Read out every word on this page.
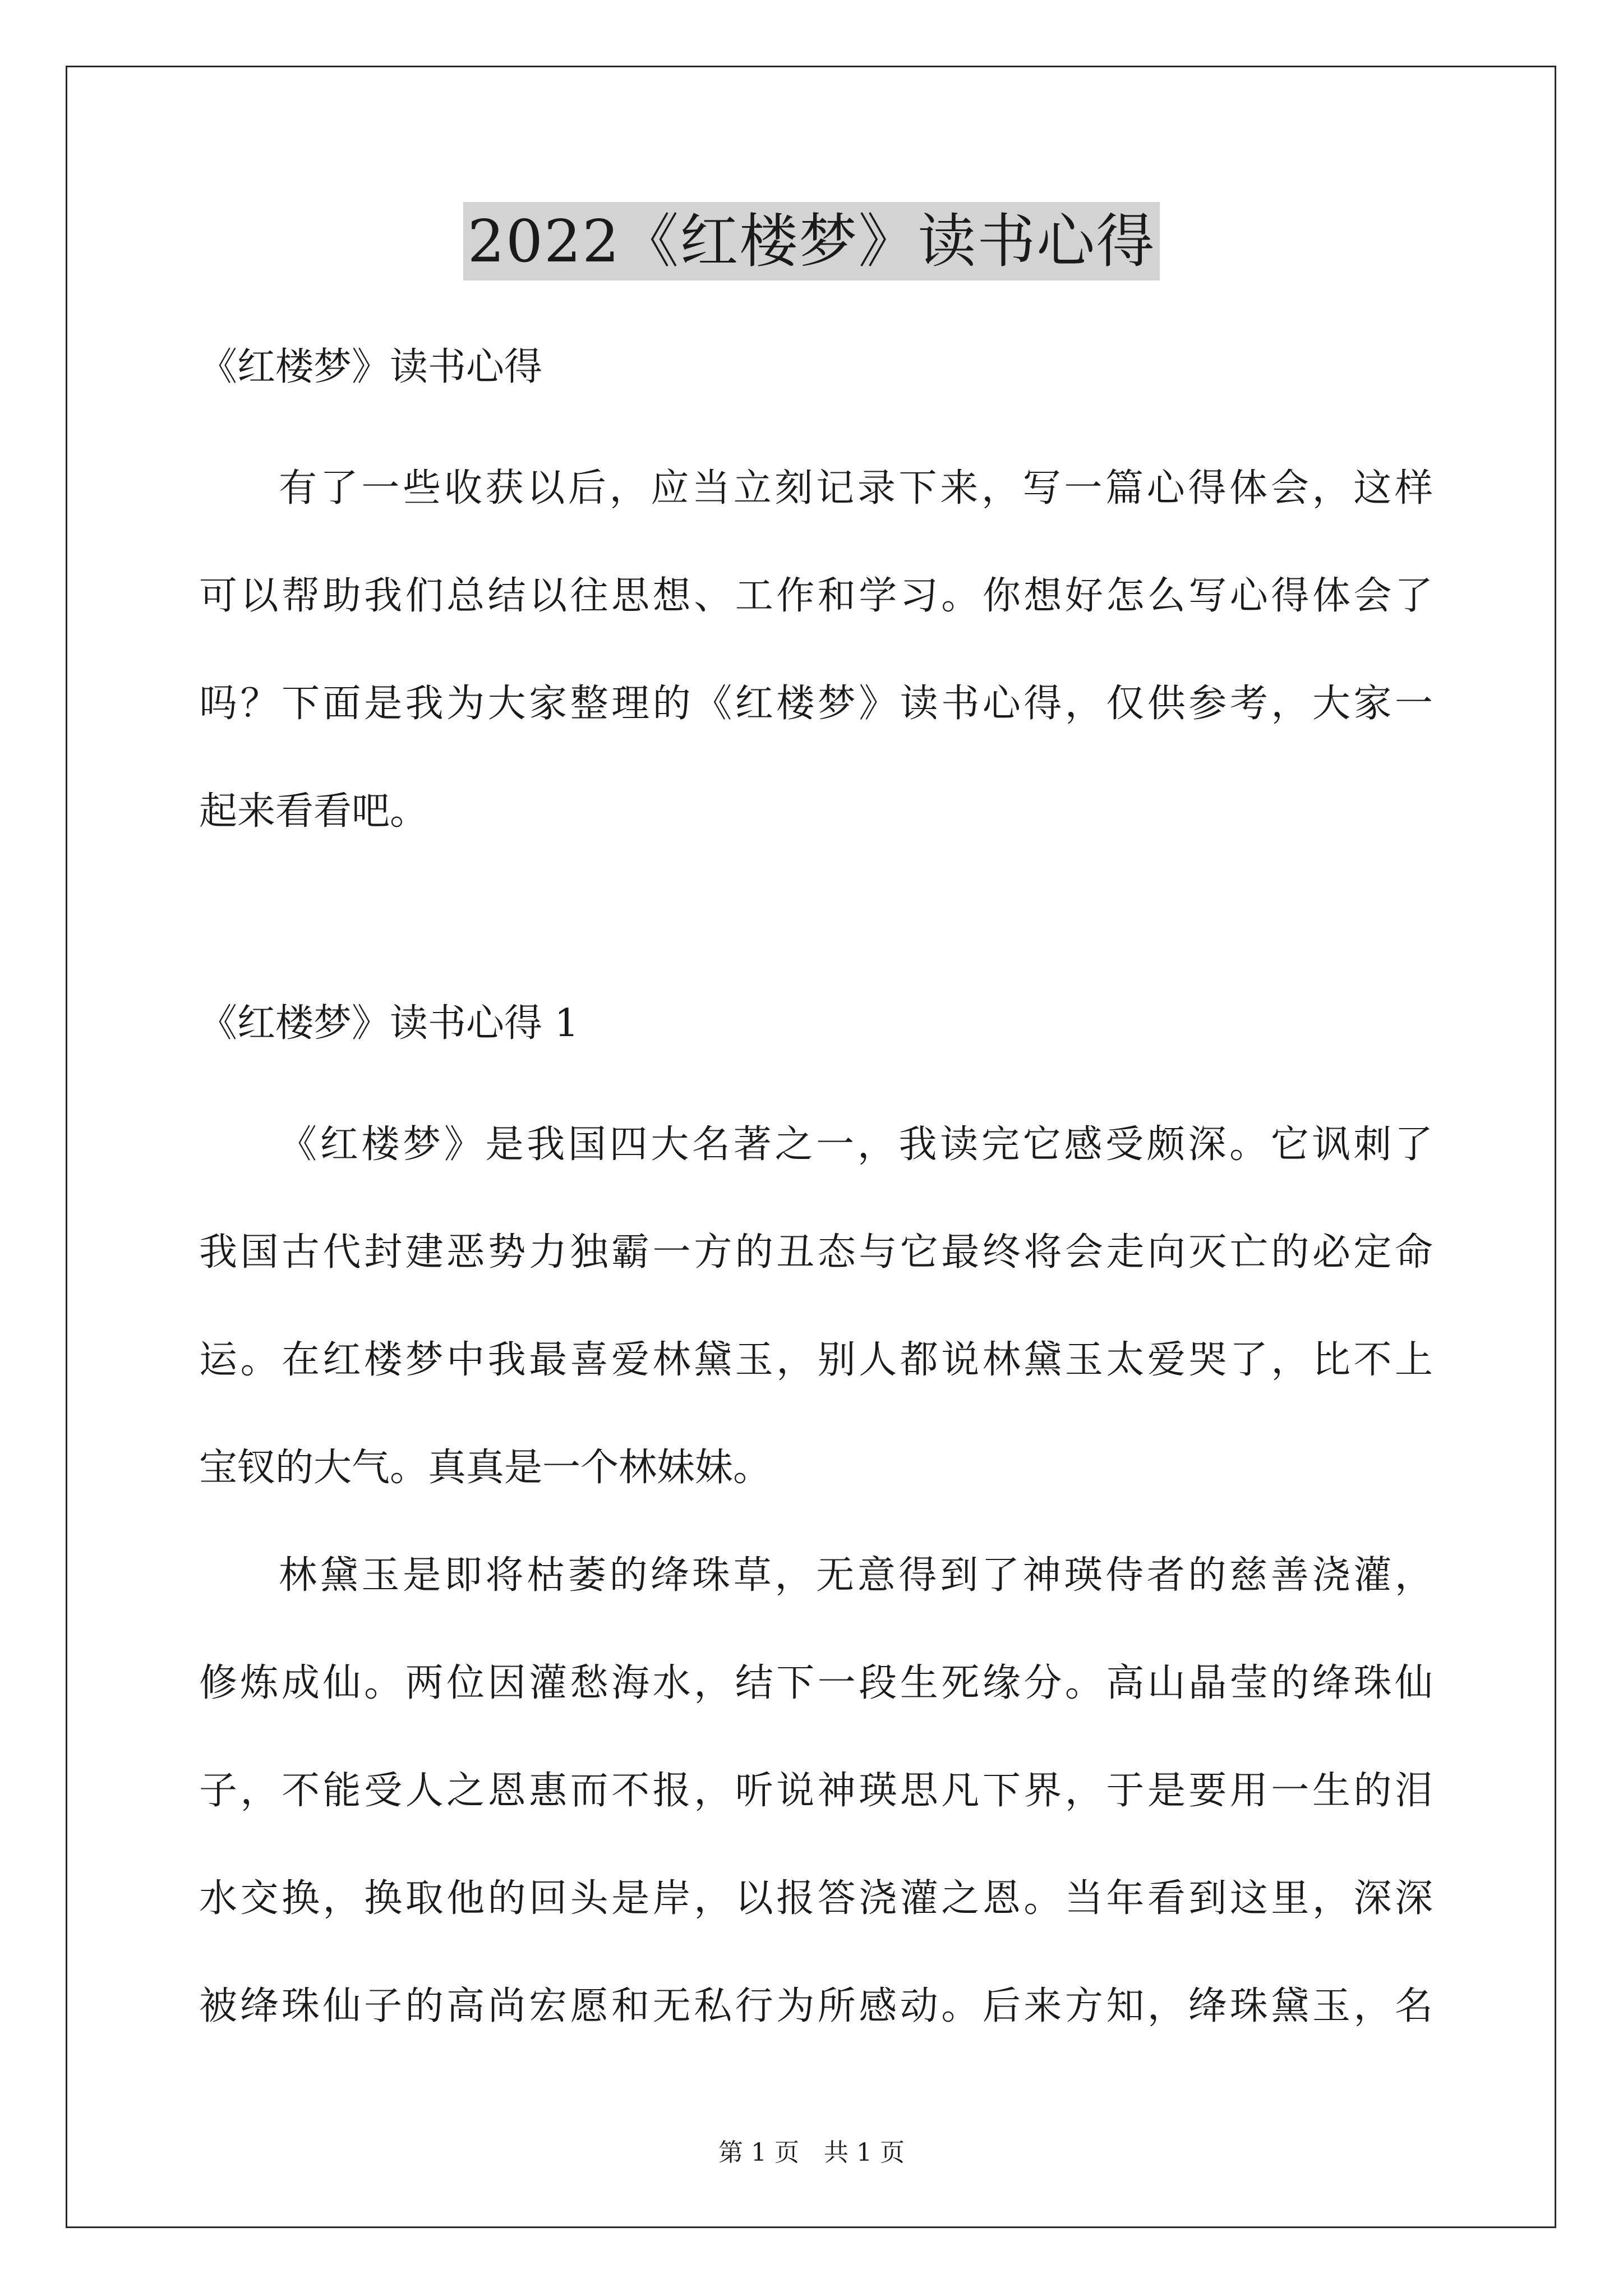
2022《红楼梦》读书心得
《红楼梦》读书心得
有了一些收获以后，应当立刻记录下来，写一篇心得体会，这样
可以帮助我们总结以往思想、工作和学习。你想好怎么写心得体会了
吗？下面是我为大家整理的《红楼梦》读书心得，仅供参考，大家一
起来看看吧。
《红楼梦》读书心得 1
《红楼梦》是我国四大名著之一，我读完它感受颇深。它讽刺了
我国古代封建恶势力独霸一方的丑态与它最终将会走向灭亡的必定命
运。在红楼梦中我最喜爱林黛玉，别人都说林黛玉太爱哭了，比不上
宝钗的大气。真真是一个林妹妹。
林黛玉是即将枯萎的绛珠草，无意得到了神瑛侍者的慈善浇灌，
修炼成仙。两位因灌愁海水，结下一段生死缘分。高山晶莹的绛珠仙
子，不能受人之恩惠而不报，听说神瑛思凡下界，于是要用一生的泪
水交换，换取他的回头是岸，以报答浇灌之恩。当年看到这里，深深
被绛珠仙子的高尚宏愿和无私行为所感动。后来方知，绛珠黛玉，名
第 1 页　共 1 页
